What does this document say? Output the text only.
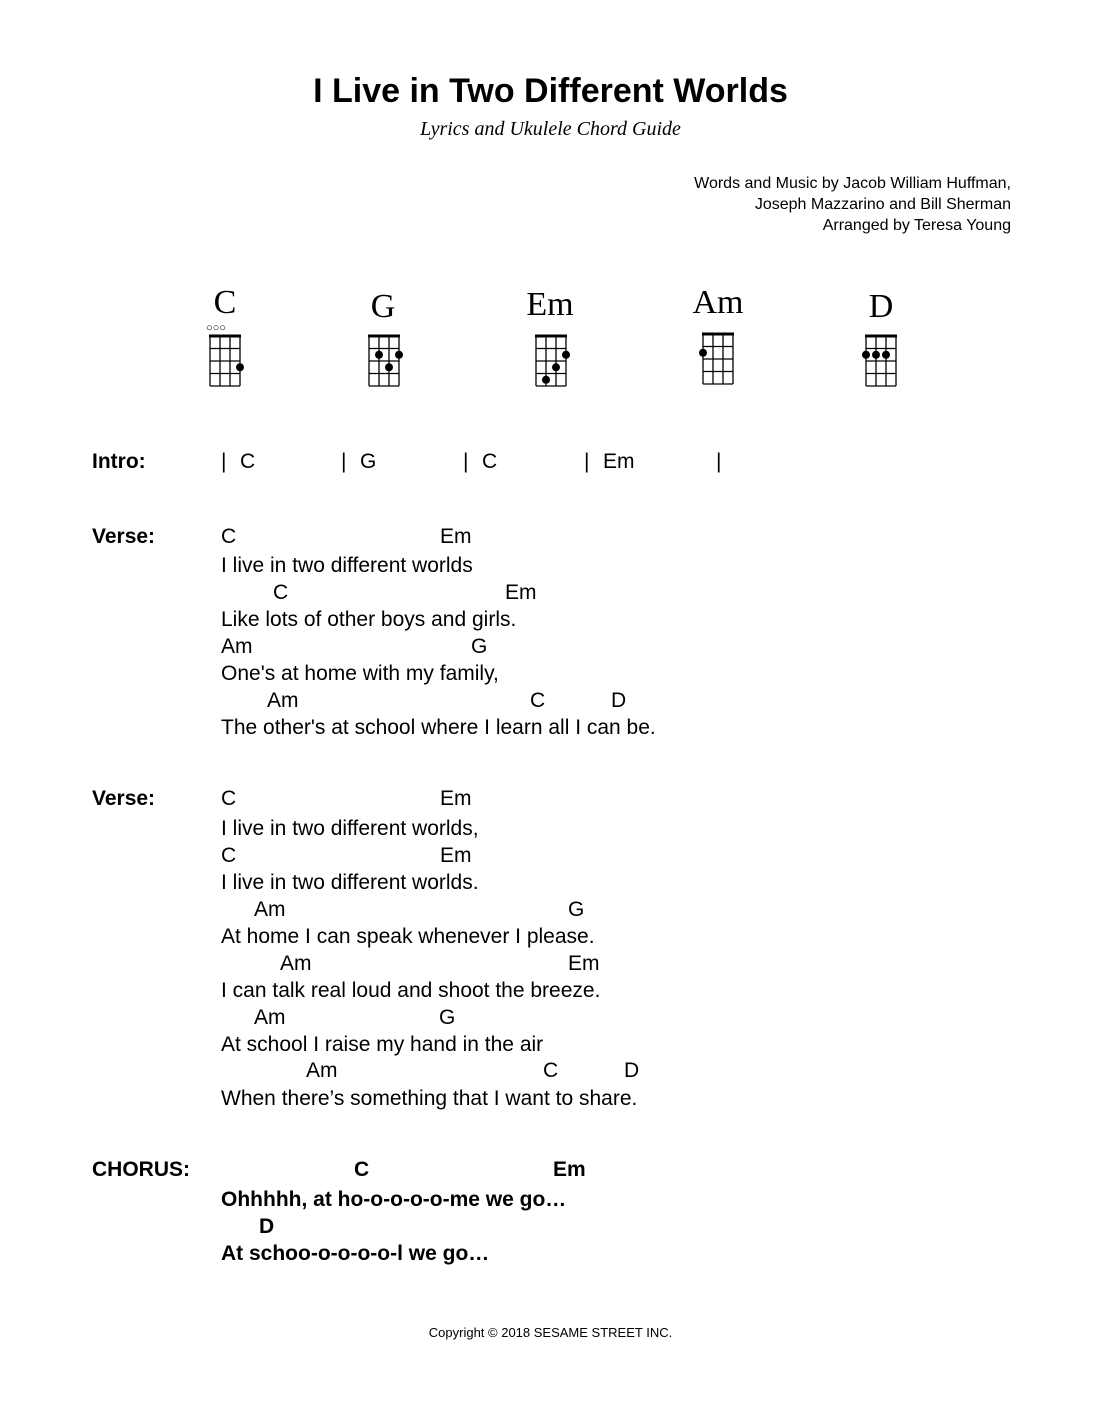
I Live in Two Different Worlds
Lyrics and Ukulele Chord Guide
Words and Music by Jacob William Huffman,
Joseph Mazzarino and Bill Sherman
Arranged by Teresa Young
C
○○○
G	Em	Am	D
Intro:	| C	| G	| C	| Em	|
Verse:	C	Em
I live in two different worlds
C	Em
Like lots of other boys and girls.
Am	G
One's at home with my family,
Am	C	D
The other's at school where I learn all I can be.
Verse:	C	Em
I live in two different worlds,
C	Em
I live in two different worlds.
Am	G
At home I can speak whenever I please.
Am	Em
I can talk real loud and shoot the breeze.
Am	G
At school I raise my hand in the air
Am	C	D
When there’s something that I want to share.
CHORUS:	C	Em
Ohhhhh, at ho-o-o-o-o-me we go…
D
At schoo-o-o-o-o-l we go…
Copyright © 2018 SESAME STREET INC.
